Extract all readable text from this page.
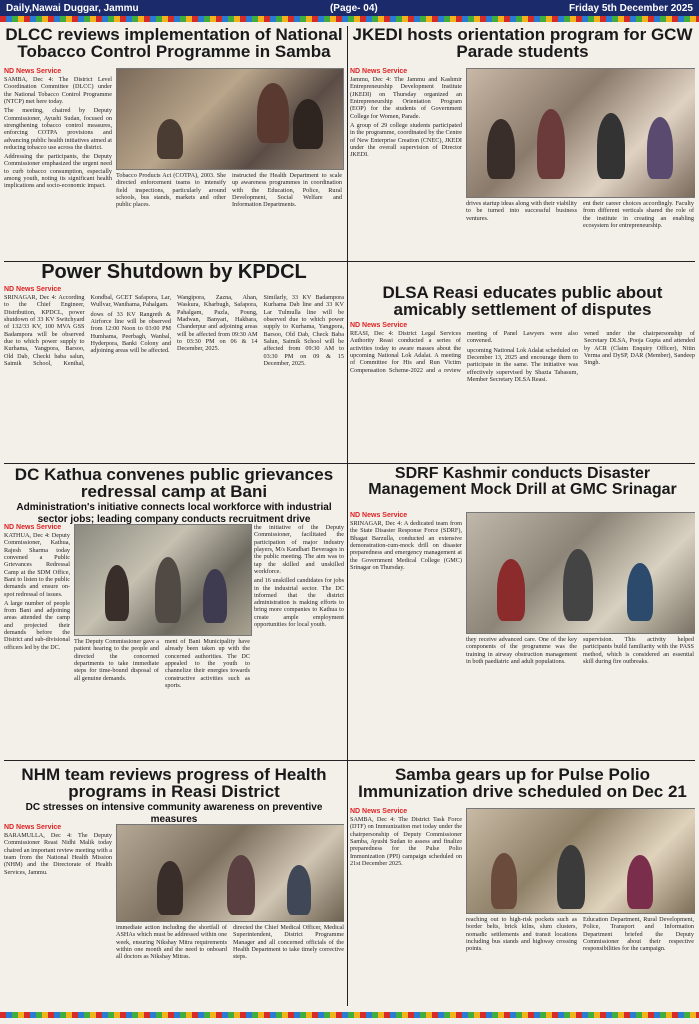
Daily,Nawai Duggar, Jammu	(Page- 04)	Friday 5th December 2025
DLCC reviews implementation of National Tobacco Control Programme in Samba
ND News Service

SAMBA, Dec 4: The District Level Coordination Committee (DLCC) under the National Tobacco Control Programme (NTCP) met here today.

The meeting, chaired by Deputy Commissioner, Ayushi Sudan, focused on strengthening tobacco control measures, enforcing COTPA provisions and advancing public health initiatives aimed at reducing tobacco use across the district.

Addressing the participants, the Deputy Commissioner emphasized the urgent need to curb tobacco consumption, especially among youth, noting its significant health implications and socio-economic impact.

Tobacco Products Act (COTPA), 2003. She directed enforcement teams to intensify field inspections, particularly around schools, bus stands, markets and other public places.

instructed the Health Department to scale up awareness programmes in coordination with the Education, Police, Rural Development, Social Welfare and Information Departments.

JKEDI hosts orientation program for GCW Parade students
ND News Service

Jammu, Dec 4: The Jammu and Kashmir Entrepreneurship Development Institute (JKEDI) on Thursday organized an Entrepreneurship Orientation Program (EOP) for the students of Government College for Women, Parade.

A group of 29 college students participated in the programme, coordinated by the Centre of New Enterprise Creation (CNEC), JKEDI under the overall supervision of Director JKEDI.

drives startup ideas along with their viability to be turned into successful business ventures.

ent their career choices accordingly. Faculty from different verticals shared the role of the institute in creating an enabling ecosystem for entrepreneurship.

Power Shutdown by KPDCL
ND News Service

SRINAGAR, Dec 4: According to the Chief Engineer, Distribution, KPDCL, power shutdown of 33 KV Switchyard of 132/33 KV, 100 MVA GSS Badampora will be observed due to which power supply to Kurhama, Yangpora, Barsoo, Old Dab, Checki baba salun, Saimik School, Kenihal, Kondbal, GCET Safapora, Lar, Wullvar, Wanihama, Pahalgam.

dows of 33 KV Rangreth & Airforce line will be observed from 12:00 Noon to 03:00 PM Humhama, Peerbagh, Wanbal, Hyderpora, Banki Colony and adjoining areas will be affected.

Wangipora, Zazna, Ahan, Waskura, Kharbugh, Safapora, Pahalgam, Pazla, Poung, Madwan, Banyari, Hakbara, Chanderpur and adjoining areas will be affected from 09:30 AM to 03:30 PM on 06 & 14 December, 2025.

Similarly, 33 KV Badampora Kurhama Dab line and 33 KV Lar Tulmulla line will be observed due to which power supply to Kurhama, Yangpora, Barsoo, Old Dab, Check Baba Salun, Saimik School will be affected from 09:30 AM to 03:30 PM on 09 & 15 December, 2025.

DLSA Reasi educates public about amicably settlement of disputes
ND News Service

REASI, Dec 4: District Legal Services Authority Reasi conducted a series of activities today to aware masses about the upcoming National Lok Adalat. A meeting of Committee for His and Run Victim Compensation Scheme-2022 and a review meeting of Panel Lawyers were also convened.

upcoming National Lok Adalat scheduled on December 13, 2025 and encourage them to participate in the same. The initiative was effectively supervised by Shazia Tabasum, Member Secretary DLSA Reasi.

vened under the chairpersonship of Secretary DLSA, Pooja Gupta and attended by ACR (Claim Enquiry Officer), Nitin Verma and DySP, DAR (Member), Sandeep Singh.

DC Kathua convenes public grievances redressal camp at Bani
Administration's initiative connects local workforce with industrial sector jobs; leading company conducts recruitment drive
ND News Service

KATHUA, Dec 4: Deputy Commissioner, Kathua, Rajesh Sharma today convened a Public Grievances Redressal Camp at the SDM Office, Bani to listen to the public demands and ensure on-spot redressal of issues.

A large number of people from Bani and adjoining areas attended the camp and projected their demands before the District and sub-divisional officers led by the DC.

The Deputy Commissioner gave a patient hearing to the people and directed the concerned departments to take immediate steps for time-bound disposal of all genuine demands.

ment of Bani Municipality have already been taken up with the concerned authorities. The DC appealed to the youth to channelize their energies towards constructive activities such as sports.

the initiative of the Deputy Commissioner, facilitated the participation of major industry players, M/s Kandhari Beverages in the public meeting. The aim was to tap the skilled and unskilled workforce.

and 16 unskilled candidates for jobs in the industrial sector. The DC informed that the district administration is making efforts to bring more companies to Kathua to create ample employment opportunities for local youth.

SDRF Kashmir conducts Disaster Management Mock Drill at GMC Srinagar
ND News Service

SRINAGAR, Dec 4: A dedicated team from the State Disaster Response Force (SDRF), Bhagat Barzulla, conducted an extensive demonstration-cum-mock drill on disaster preparedness and emergency management at the Government Medical College (GMC) Srinagar on Thursday.

they receive advanced care. One of the key components of the programme was the training in airway obstruction management in both paediatric and adult populations.

supervision. This activity helped participants build familiarity with the PASS method, which is considered an essential skill during fire outbreaks.

NHM team reviews progress of Health programs in Reasi District
DC stresses on intensive community awareness on preventive measures
ND News Service

BARAMULLA, Dec 4: The Deputy Commissioner Reasi Nidhi Malik today chaired an important review meeting with a team from the National Health Mission (NHM) and the Directorate of Health Services, Jammu.

immediate action including the shortfall of ASHAs which must be addressed within one week, ensuring Nikshay Mitra requirements within one month and the need to onboard all doctors as Nikshay Mitras.

directed the Chief Medical Officer, Medical Superintendent, District Programme Manager and all concerned officials of the Health Department to take timely corrective steps.

Samba gears up for Pulse Polio Immunization drive scheduled on Dec 21
ND News Service

SAMBA, Dec 4: The District Task Force (DTF) on Immunization met today under the chairpersonship of Deputy Commissioner Samba, Ayushi Sudan to assess and finalize preparedness for the Pulse Polio Immunization (PPI) campaign scheduled on 21st December 2025.

reaching out to high-risk pockets such as border belts, brick kilns, slum clusters, nomadic settlements and transit locations including bus stands and highway crossing points.

Education Department, Rural Development, Police, Transport and Information Department briefed the Deputy Commissioner about their respective responsibilities for the campaign.
